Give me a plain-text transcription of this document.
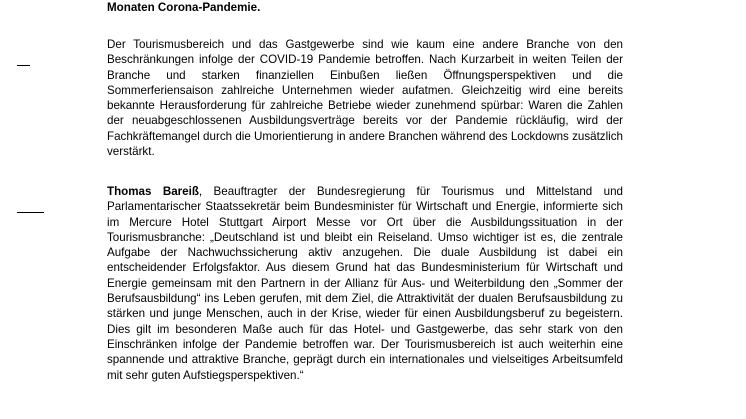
Monaten Corona-Pandemie.

Der Tourismusbereich und das Gastgewerbe sind wie kaum eine andere Branche von den Beschränkungen infolge der COVID-19 Pandemie betroffen. Nach Kurzarbeit in weiten Teilen der Branche und starken finanziellen Einbußen ließen Öffnungsperspektiven und die Sommerferiensaison zahlreiche Unternehmen wieder aufatmen. Gleichzeitig wird eine bereits bekannte Herausforderung für zahlreiche Betriebe wieder zunehmend spürbar: Waren die Zahlen der neuabgeschlossenen Ausbildungsverträge bereits vor der Pandemie rückläufig, wird der Fachkräftemangel durch die Umorientierung in andere Branchen während des Lockdowns zusätzlich verstärkt.

Thomas Bareiß, Beauftragter der Bundesregierung für Tourismus und Mittelstand und Parlamentarischer Staatssekretär beim Bundesminister für Wirtschaft und Energie, informierte sich im Mercure Hotel Stuttgart Airport Messe vor Ort über die Ausbildungssituation in der Tourismusbranche: „Deutschland ist und bleibt ein Reiseland. Umso wichtiger ist es, die zentrale Aufgabe der Nachwuchssicherung aktiv anzugehen. Die duale Ausbildung ist dabei ein entscheidender Erfolgsfaktor. Aus diesem Grund hat das Bundesministerium für Wirtschaft und Energie gemeinsam mit den Partnern in der Allianz für Aus- und Weiterbildung den „Sommer der Berufsausbildung“ ins Leben gerufen, mit dem Ziel, die Attraktivität der dualen Berufsausbildung zu stärken und junge Menschen, auch in der Krise, wieder für einen Ausbildungsberuf zu begeistern. Dies gilt im besonderen Maße auch für das Hotel- und Gastgewerbe, das sehr stark von den Einschränken infolge der Pandemie betroffen war. Der Tourismusbereich ist auch weiterhin eine spannende und attraktive Branche, geprägt durch ein internationales und vielseitiges Arbeitsumfeld mit sehr guten Aufstiegsperspektiven.“
